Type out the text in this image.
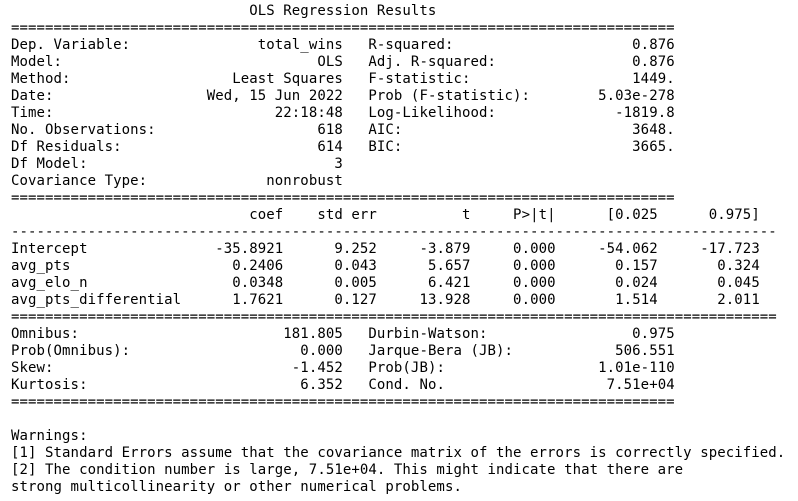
OLS Regression Results
==============================================================================
Dep. Variable:               total_wins R-squared:                     0.876
Model:                              OLS Adj. R-squared:                0.876
Method:                   Least Squares F-statistic:                   1449.
Date:                  Wed, 15 Jun 2022 Prob (F-statistic):        5.03e-278
Time:                          22:18:48 Log-Likelihood:              -1819.8
No. Observations:                   618 AIC:                           3648.
Df Residuals:                       614 BIC:                           3665.
Df Model:                             3
Covariance Type:              nonrobust
==============================================================================
coef    std err          t     P>|t|      [0.025      0.975]
------------------------------------------------------------------------------------------
Intercept               -35.8921      9.252     -3.879     0.000     -54.062     -17.723
avg_pts                   0.2406      0.043      5.657     0.000       0.157       0.324
avg_elo_n                 0.0348      0.005      6.421     0.000       0.024       0.045
avg_pts_differential      1.7621      0.127     13.928     0.000       1.514       2.011
==========================================================================================
Omnibus:                        181.805 Durbin-Watson:                 0.975
Prob(Omnibus):                    0.000 Jarque-Bera (JB):            506.551
Skew:                            -1.452 Prob(JB):                  1.01e-110
Kurtosis:                         6.352 Cond. No.                   7.51e+04
==============================================================================
Warnings:
[1] Standard Errors assume that the covariance matrix of the errors is correctly specified.
[2] The condition number is large, 7.51e+04. This might indicate that there are
strong multicollinearity or other numerical problems.
